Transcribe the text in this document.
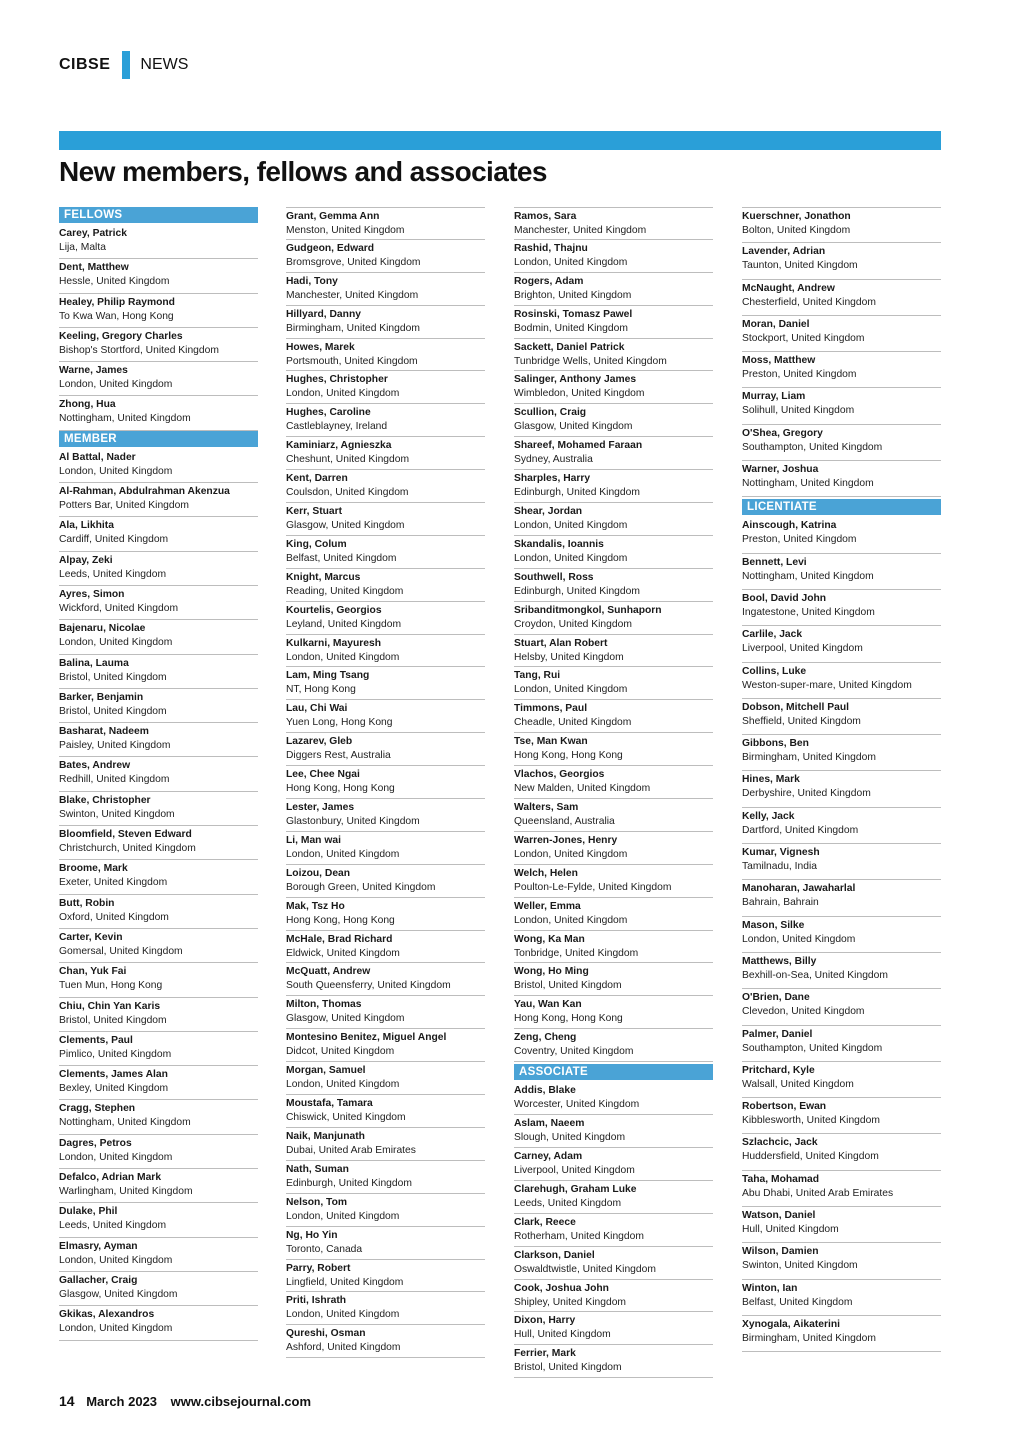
CIBSE NEWS
New members, fellows and associates
FELLOWS
Carey, Patrick
Lija, Malta
Dent, Matthew
Hessle, United Kingdom
Healey, Philip Raymond
To Kwa Wan, Hong Kong
Keeling, Gregory Charles
Bishop's Stortford, United Kingdom
Warne, James
London, United Kingdom
Zhong, Hua
Nottingham, United Kingdom
MEMBER
Al Battal, Nader
London, United Kingdom
Al-Rahman, Abdulrahman Akenzua
Potters Bar, United Kingdom
Ala, Likhita
Cardiff, United Kingdom
Alpay, Zeki
Leeds, United Kingdom
Ayres, Simon
Wickford, United Kingdom
Bajenaru, Nicolae
London, United Kingdom
Balina, Lauma
Bristol, United Kingdom
Barker, Benjamin
Bristol, United Kingdom
Basharat, Nadeem
Paisley, United Kingdom
Bates, Andrew
Redhill, United Kingdom
Blake, Christopher
Swinton, United Kingdom
Bloomfield, Steven Edward
Christchurch, United Kingdom
Broome, Mark
Exeter, United Kingdom
Butt, Robin
Oxford, United Kingdom
Carter, Kevin
Gomersal, United Kingdom
Chan, Yuk Fai
Tuen Mun, Hong Kong
Chiu, Chin Yan Karis
Bristol, United Kingdom
Clements, Paul
Pimlico, United Kingdom
Clements, James Alan
Bexley, United Kingdom
Cragg, Stephen
Nottingham, United Kingdom
Dagres, Petros
London, United Kingdom
Defalco, Adrian Mark
Warlingham, United Kingdom
Dulake, Phil
Leeds, United Kingdom
Elmasry, Ayman
London, United Kingdom
Gallacher, Craig
Glasgow, United Kingdom
Gkikas, Alexandros
London, United Kingdom
Grant, Gemma Ann
Menston, United Kingdom
Gudgeon, Edward
Bromsgrove, United Kingdom
Hadi, Tony
Manchester, United Kingdom
Hillyard, Danny
Birmingham, United Kingdom
Howes, Marek
Portsmouth, United Kingdom
Hughes, Christopher
London, United Kingdom
Hughes, Caroline
Castleblayney, Ireland
Kaminiarz, Agnieszka
Cheshunt, United Kingdom
Kent, Darren
Coulsdon, United Kingdom
Kerr, Stuart
Glasgow, United Kingdom
King, Colum
Belfast, United Kingdom
Knight, Marcus
Reading, United Kingdom
Kourtelis, Georgios
Leyland, United Kingdom
Kulkarni, Mayuresh
London, United Kingdom
Lam, Ming Tsang
NT, Hong Kong
Lau, Chi Wai
Yuen Long, Hong Kong
Lazarev, Gleb
Diggers Rest, Australia
Lee, Chee Ngai
Hong Kong, Hong Kong
Lester, James
Glastonbury, United Kingdom
Li, Man wai
London, United Kingdom
Loizou, Dean
Borough Green, United Kingdom
Mak, Tsz Ho
Hong Kong, Hong Kong
McHale, Brad Richard
Eldwick, United Kingdom
McQuatt, Andrew
South Queensferry, United Kingdom
Milton, Thomas
Glasgow, United Kingdom
Montesino Benitez, Miguel Angel
Didcot, United Kingdom
Morgan, Samuel
London, United Kingdom
Moustafa, Tamara
Chiswick, United Kingdom
Naik, Manjunath
Dubai, United Arab Emirates
Nath, Suman
Edinburgh, United Kingdom
Nelson, Tom
London, United Kingdom
Ng, Ho Yin
Toronto, Canada
Parry, Robert
Lingfield, United Kingdom
Priti, Ishrath
London, United Kingdom
Qureshi, Osman
Ashford, United Kingdom
Ramos, Sara
Manchester, United Kingdom
Rashid, Thajnu
London, United Kingdom
Rogers, Adam
Brighton, United Kingdom
Rosinski, Tomasz Pawel
Bodmin, United Kingdom
Sackett, Daniel Patrick
Tunbridge Wells, United Kingdom
Salinger, Anthony James
Wimbledon, United Kingdom
Scullion, Craig
Glasgow, United Kingdom
Shareef, Mohamed Faraan
Sydney, Australia
Sharples, Harry
Edinburgh, United Kingdom
Shear, Jordan
London, United Kingdom
Skandalis, Ioannis
London, United Kingdom
Southwell, Ross
Edinburgh, United Kingdom
Sribanditmongkol, Sunhaporn
Croydon, United Kingdom
Stuart, Alan Robert
Helsby, United Kingdom
Tang, Rui
London, United Kingdom
Timmons, Paul
Cheadle, United Kingdom
Tse, Man Kwan
Hong Kong, Hong Kong
Vlachos, Georgios
New Malden, United Kingdom
Walters, Sam
Queensland, Australia
Warren-Jones, Henry
London, United Kingdom
Welch, Helen
Poulton-Le-Fylde, United Kingdom
Weller, Emma
London, United Kingdom
Wong, Ka Man
Tonbridge, United Kingdom
Wong, Ho Ming
Bristol, United Kingdom
Yau, Wan Kan
Hong Kong, Hong Kong
Zeng, Cheng
Coventry, United Kingdom
ASSOCIATE
Addis, Blake
Worcester, United Kingdom
Aslam, Naeem
Slough, United Kingdom
Carney, Adam
Liverpool, United Kingdom
Clarehugh, Graham Luke
Leeds, United Kingdom
Clark, Reece
Rotherham, United Kingdom
Clarkson, Daniel
Oswaldtwistle, United Kingdom
Cook, Joshua John
Shipley, United Kingdom
Dixon, Harry
Hull, United Kingdom
Ferrier, Mark
Bristol, United Kingdom
Kuerschner, Jonathon
Bolton, United Kingdom
Lavender, Adrian
Taunton, United Kingdom
McNaught, Andrew
Chesterfield, United Kingdom
Moran, Daniel
Stockport, United Kingdom
Moss, Matthew
Preston, United Kingdom
Murray, Liam
Solihull, United Kingdom
O'Shea, Gregory
Southampton, United Kingdom
Warner, Joshua
Nottingham, United Kingdom
LICENTIATE
Ainscough, Katrina
Preston, United Kingdom
Bennett, Levi
Nottingham, United Kingdom
Bool, David John
Ingatestone, United Kingdom
Carlile, Jack
Liverpool, United Kingdom
Collins, Luke
Weston-super-mare, United Kingdom
Dobson, Mitchell Paul
Sheffield, United Kingdom
Gibbons, Ben
Birmingham, United Kingdom
Hines, Mark
Derbyshire, United Kingdom
Kelly, Jack
Dartford, United Kingdom
Kumar, Vignesh
Tamilnadu, India
Manoharan, Jawaharlal
Bahrain, Bahrain
Mason, Silke
London, United Kingdom
Matthews, Billy
Bexhill-on-Sea, United Kingdom
O'Brien, Dane
Clevedon, United Kingdom
Palmer, Daniel
Southampton, United Kingdom
Pritchard, Kyle
Walsall, United Kingdom
Robertson, Ewan
Kibblesworth, United Kingdom
Szlachcic, Jack
Huddersfield, United Kingdom
Taha, Mohamad
Abu Dhabi, United Arab Emirates
Watson, Daniel
Hull, United Kingdom
Wilson, Damien
Swinton, United Kingdom
Winton, Ian
Belfast, United Kingdom
Xynogala, Aikaterini
Birmingham, United Kingdom
14 March 2023 www.cibsejournal.com
